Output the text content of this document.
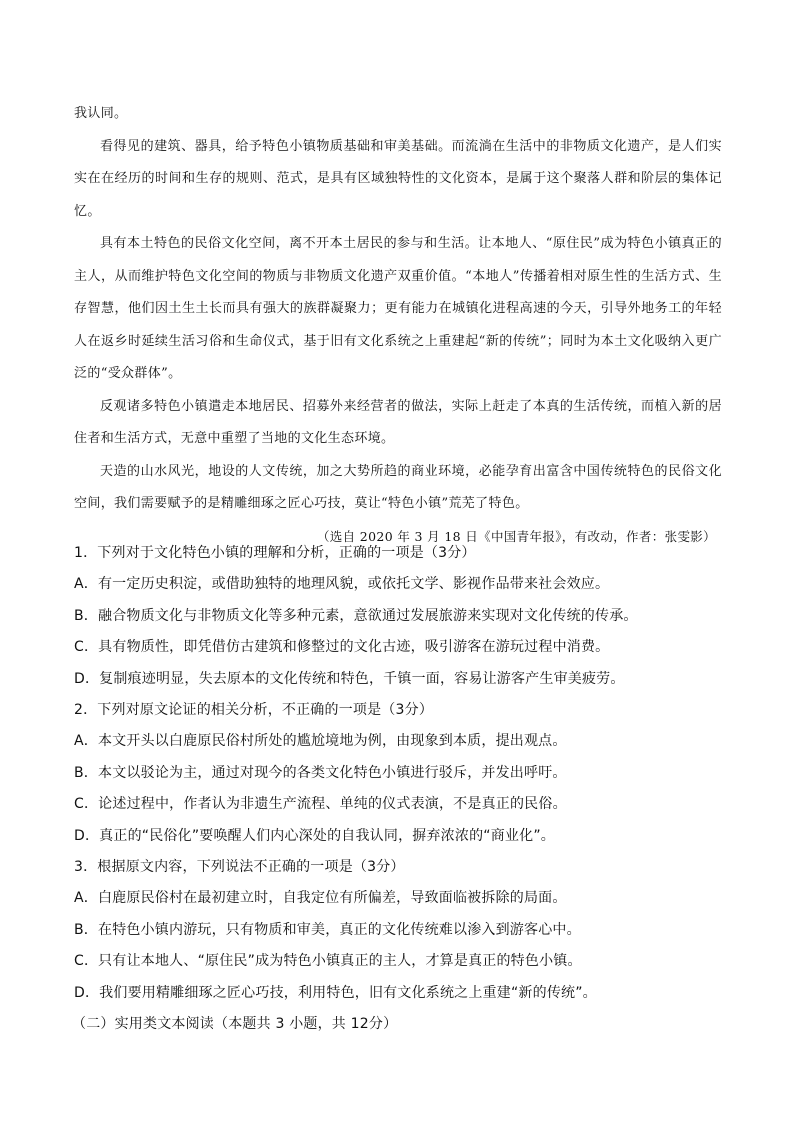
我认同。

看得见的建筑、器具，给予特色小镇物质基础和审美基础。而流淌在生活中的非物质文化遗产，是人们实实在在经历的时间和生存的规则、范式，是具有区域独特性的文化资本，是属于这个聚落人群和阶层的集体记忆。

具有本土特色的民俗文化空间，离不开本土居民的参与和生活。让本地人、“原住民”成为特色小镇真正的主人，从而维护特色文化空间的物质与非物质文化遗产双重价值。“本地人”传播着相对原生性的生活方式、生存智慧，他们因土生土长而具有强大的族群凝聚力；更有能力在城镇化进程高速的今天，引导外地务工的年轻人在返乡时延续生活习俗和生命仪式，基于旧有文化系统之上重建起“新的传统”；同时为本土文化吸纳入更广泛的“受众群体”。

反观诸多特色小镇遣走本地居民、招募外来经营者的做法，实际上赶走了本真的生活传统，而植入新的居住者和生活方式，无意中重塑了当地的文化生态环境。

天造的山水风光，地设的人文传统，加之大势所趋的商业环境，必能孕育出富含中国传统特色的民俗文化空间，我们需要赋予的是精雕细琢之匠心巧技，莫让“特色小镇”荒芜了特色。

（选自 2020 年 3 月 18 日《中国青年报》，有改动，作者：张雯影）

1．下列对于文化特色小镇的理解和分析，正确的一项是（3分）
A．有一定历史积淀，或借助独特的地理风貌，或依托文学、影视作品带来社会效应。
B．融合物质文化与非物质文化等多种元素，意欲通过发展旅游来实现对文化传统的传承。
C．具有物质性，即凭借仿古建筑和修整过的文化古迹，吸引游客在游玩过程中消费。
D．复制痕迹明显，失去原本的文化传统和特色，千镇一面，容易让游客产生审美疲劳。
2．下列对原文论证的相关分析，不正确的一项是（3分）
A．本文开头以白鹿原民俗村所处的尴尬境地为例，由现象到本质，提出观点。
B．本文以驳论为主，通过对现今的各类文化特色小镇进行驳斥，并发出呼吁。
C．论述过程中，作者认为非遗生产流程、单纯的仪式表演，不是真正的民俗。
D．真正的“民俗化”要唤醒人们内心深处的自我认同，摒弃浓浓的“商业化”。
3．根据原文内容，下列说法不正确的一项是（3分）
A．白鹿原民俗村在最初建立时，自我定位有所偏差，导致面临被拆除的局面。
B．在特色小镇内游玩，只有物质和审美，真正的文化传统难以渗入到游客心中。
C．只有让本地人、“原住民”成为特色小镇真正的主人，才算是真正的特色小镇。
D．我们要用精雕细琢之匠心巧技，利用特色，旧有文化系统之上重建“新的传统”。
（二）实用类文本阅读（本题共 3 小题，共 12分）
